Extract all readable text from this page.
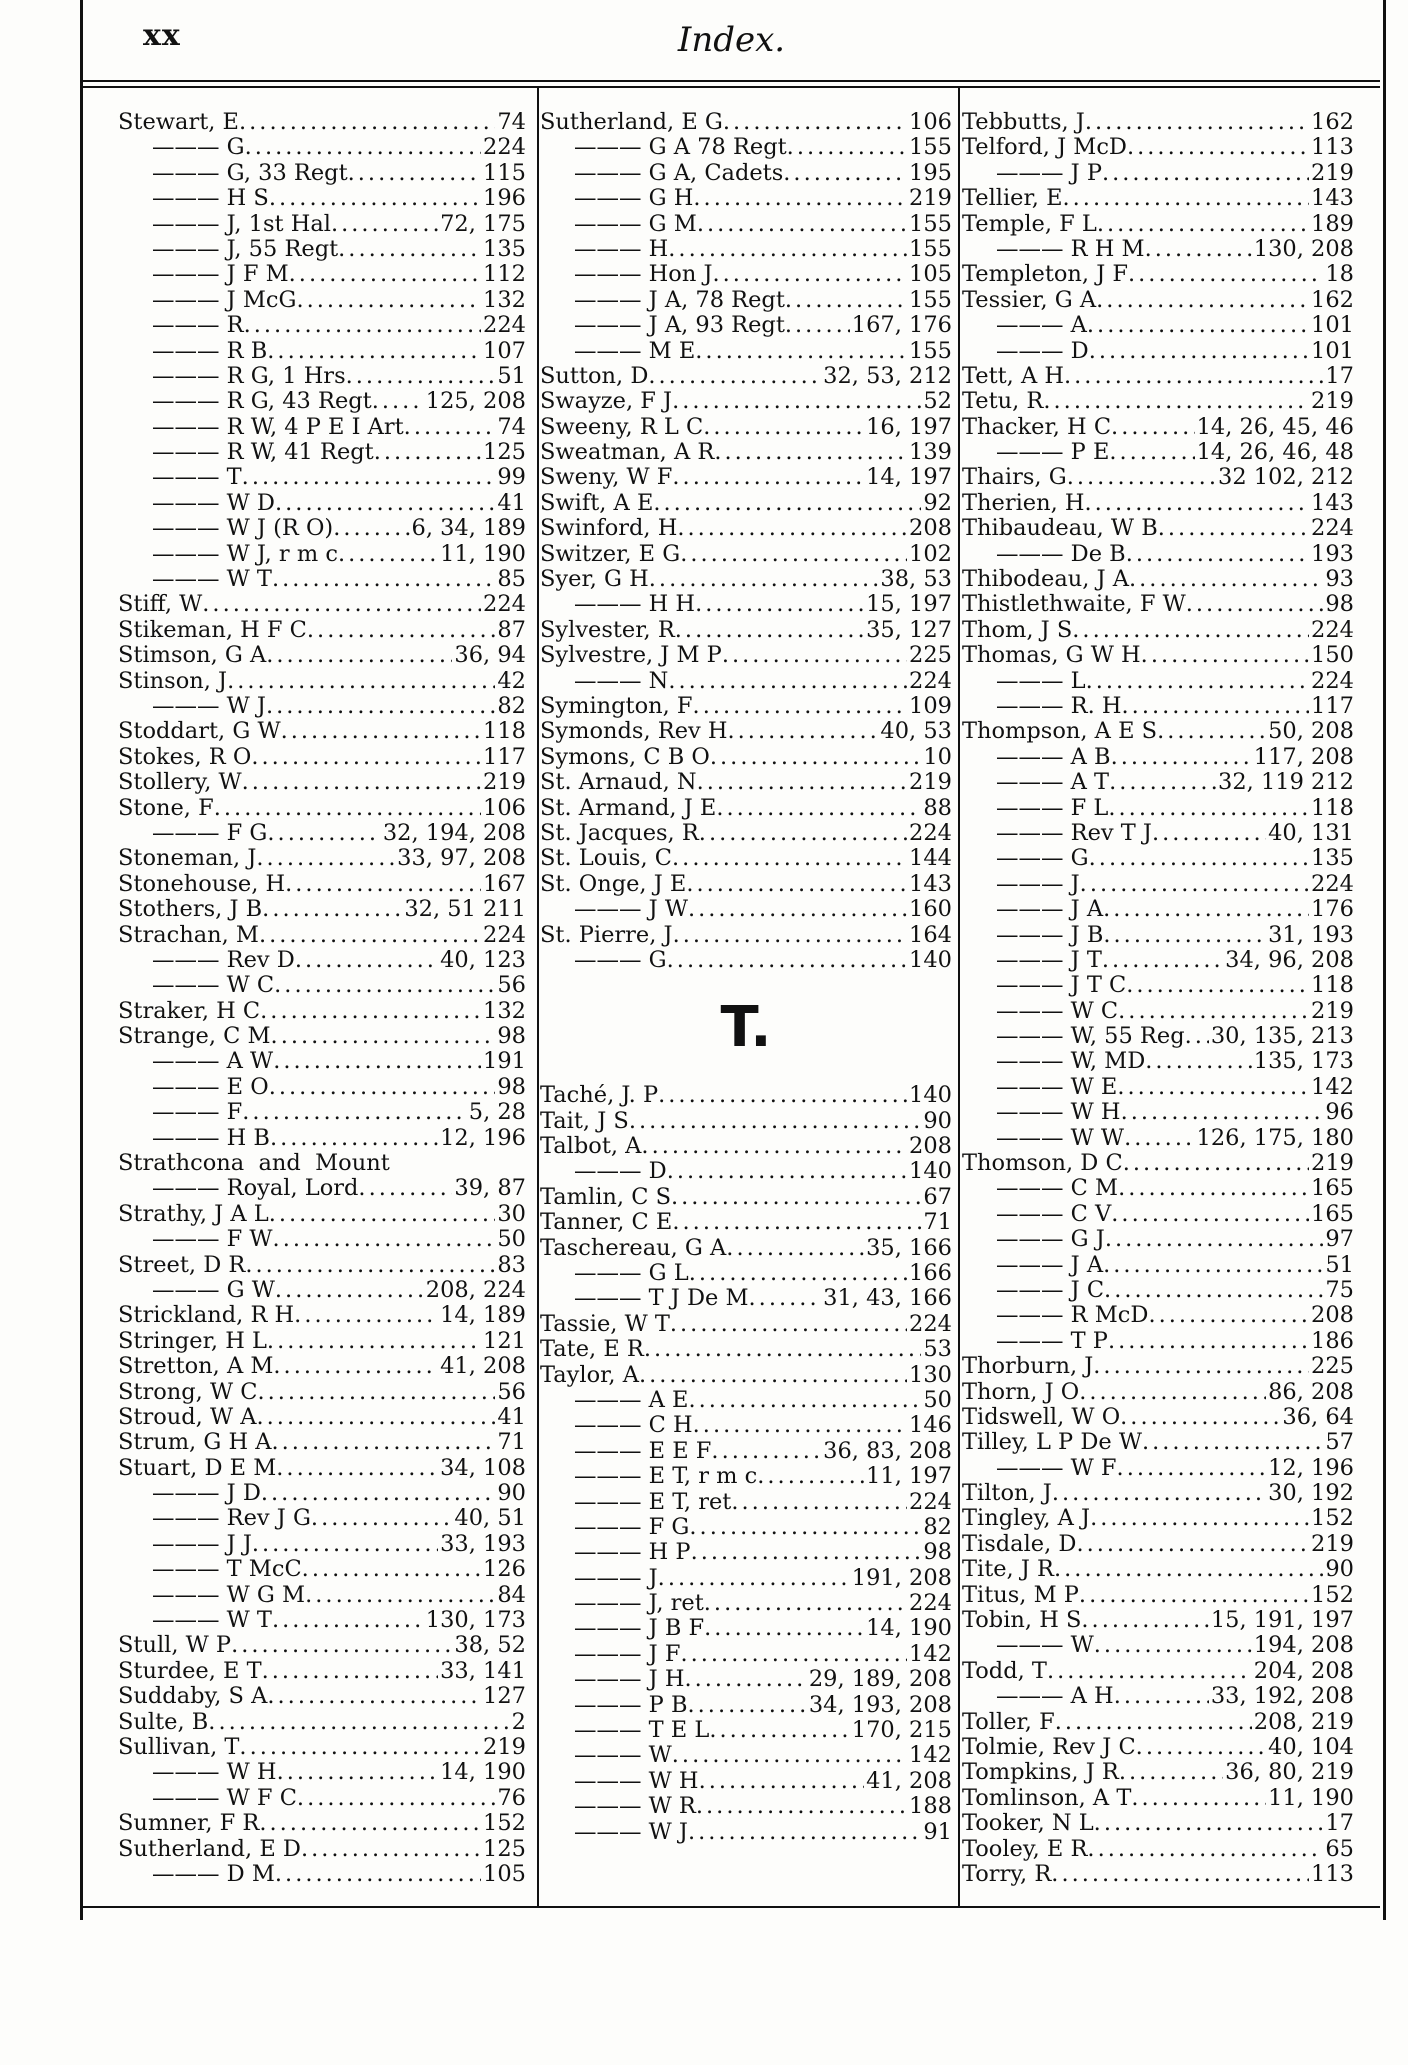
xx	Index.
Stewart, E .....	74
——— G .....	224
——— G, 33 Regt .....	115
——— H S .....	196
——— J, 1st Hal .....	72, 175
——— J, 55 Regt .....	135
——— J F M .....	112
——— J McG .....	132
——— R .....	224
——— R B .....	107
——— R G, 1 Hrs .....	51
——— R G, 43 Regt ..... 125, 208
——— R W, 4 P E I Art .....	74
——— R W, 41 Regt .....	125
——— T .....	99
——— W D .....	41
——— W J (R O) .....	6, 34, 189
——— W J, r m c .....	11, 190
——— W T .....	85
Stiff, W .....	224
Stikeman, H F C .....	87
Stimson, G A .....	36, 94
Stinson, J .....	42
——— W J .....	82
Stoddart, G W .....	118
Stokes, R O .....	117
Stollery, W .....	219
Stone, F .....	106
——— F G .....	32, 194, 208
Stoneman, J .....	33, 97, 208
Stonehouse, H .....	167
Stothers, J B .....	32, 51 211
Strachan, M .....	224
——— Rev D .....	40, 123
——— W C .....	56
Straker, H C .....	132
Strange, C M .....	98
——— A W .....	191
——— E O .....	98
——— F .....	5, 28
——— H B .....	12, 196
Strathcona  and  Mount
——— Royal, Lord .....	39, 87
Strathy, J A L .....	30
——— F W .....	50
Street, D R .....	83
——— G W .....	208, 224
Strickland, R H .....	14, 189
Stringer, H L .....	121
Stretton, A M .....	41, 208
Strong, W C .....	56
Stroud, W A .....	41
Strum, G H A .....	71
Stuart, D E M .....	34, 108
——— J D .....	90
——— Rev J G .....	40, 51
——— J J .....	33, 193
——— T McC .....	126
——— W G M .....	84
——— W T .....	130, 173
Stull, W P .....	38, 52
Sturdee, E T .....	33, 141
Suddaby, S A .....	127
Sulte, B .....	2
Sullivan, T .....	219
——— W H .....	14, 190
——— W F C .....	76
Sumner, F R .....	152
Sutherland, E D .....	125
——— D M .....	105
Sutherland, E G .....	106
——— G A 78 Regt .....	155
——— G A, Cadets .....	195
——— G H .....	219
——— G M .....	155
——— H .....	155
——— Hon J .....	105
——— J A, 78 Regt .....	155
——— J A, 93 Regt .....	167, 176
——— M E .....	155
Sutton, D .....	32, 53, 212
Swayze, F J .....	52
Sweeny, R L C .....	16, 197
Sweatman, A R .....	139
Sweny, W F .....	14, 197
Swift, A E .....	92
Swinford, H .....	208
Switzer, E G .....	102
Syer, G H .....	38, 53
——— H H .....	15, 197
Sylvester, R .....	35, 127
Sylvestre, J M P .....	225
——— N .....	224
Symington, F .....	109
Symonds, Rev H .....	40, 53
Symons, C B O .....	10
St. Arnaud, N .....	219
St. Armand, J E .....	88
St. Jacques, R .....	224
St. Louis, C .....	144
St. Onge, J E .....	143
——— J W .....	160
St. Pierre, J .....	164
——— G .....	140
T.
Taché, J. P .....	140
Tait, J S .....	90
Talbot, A .....	208
——— D .....	140
Tamlin, C S .....	67
Tanner, C E .....	71
Taschereau, G A .....	35, 166
——— G L .....	166
——— T J De M .....	31, 43, 166
Tassie, W T .....	224
Tate, E R .....	53
Taylor, A .....	130
——— A E .....	50
——— C H .....	146
——— E E F .....	36, 83, 208
——— E T, r m c .....	11, 197
——— E T, ret .....	224
——— F G .....	82
——— H P .....	98
——— J .....	191, 208
——— J, ret .....	224
——— J B F .....	14, 190
——— J F .....	142
——— J H .....	29, 189, 208
——— P B .....	34, 193, 208
——— T E L .....	170, 215
——— W .....	142
——— W H .....	41, 208
——— W R .....	188
——— W J .....	91
Tebbutts, J .....	162
Telford, J McD .....	113
——— J P .....	219
Tellier, E .....	143
Temple, F L .....	189
——— R H M .....	130, 208
Templeton, J F .....	18
Tessier, G A .....	162
——— A .....	101
——— D .....	101
Tett, A H .....	17
Tetu, R .....	219
Thacker, H C .....	14, 26, 45, 46
——— P E .....	14, 26, 46, 48
Thairs, G .....	32 102, 212
Therien, H .....	143
Thibaudeau, W B .....	224
——— De B .....	193
Thibodeau, J A .....	93
Thistlethwaite, F W .....	98
Thom, J S .....	224
Thomas, G W H .....	150
——— L .....	224
——— R. H .....	117
Thompson, A E S .....	50, 208
——— A B .....	117, 208
——— A T .....	32, 119 212
——— F L .....	118
——— Rev T J .....	40, 131
——— G .....	135
——— J .....	224
——— J A .....	176
——— J B .....	31, 193
——— J T .....	34, 96, 208
——— J T C .....	118
——— W C .....	219
——— W, 55 Reg ..... 30, 135, 213
——— W, MD .....	135, 173
——— W E .....	142
——— W H .....	96
——— W W .....	126, 175, 180
Thomson, D C .....	219
——— C M .....	165
——— C V .....	165
——— G J .....	97
——— J A .....	51
——— J C .....	75
——— R McD .....	208
——— T P .....	186
Thorburn, J .....	225
Thorn, J O .....	86, 208
Tidswell, W O .....	36, 64
Tilley, L P De W .....	57
——— W F .....	12, 196
Tilton, J .....	30, 192
Tingley, A J .....	152
Tisdale, D .....	219
Tite, J R .....	90
Titus, M P .....	152
Tobin, H S .....	15, 191, 197
——— W .....	194, 208
Todd, T .....	204, 208
——— A H .....	33, 192, 208
Toller, F .....	208, 219
Tolmie, Rev J C .....	40, 104
Tompkins, J R .....	36, 80, 219
Tomlinson, A T .....	11, 190
Tooker, N L .....	17
Tooley, E R .....	65
Torry, R .....	113
